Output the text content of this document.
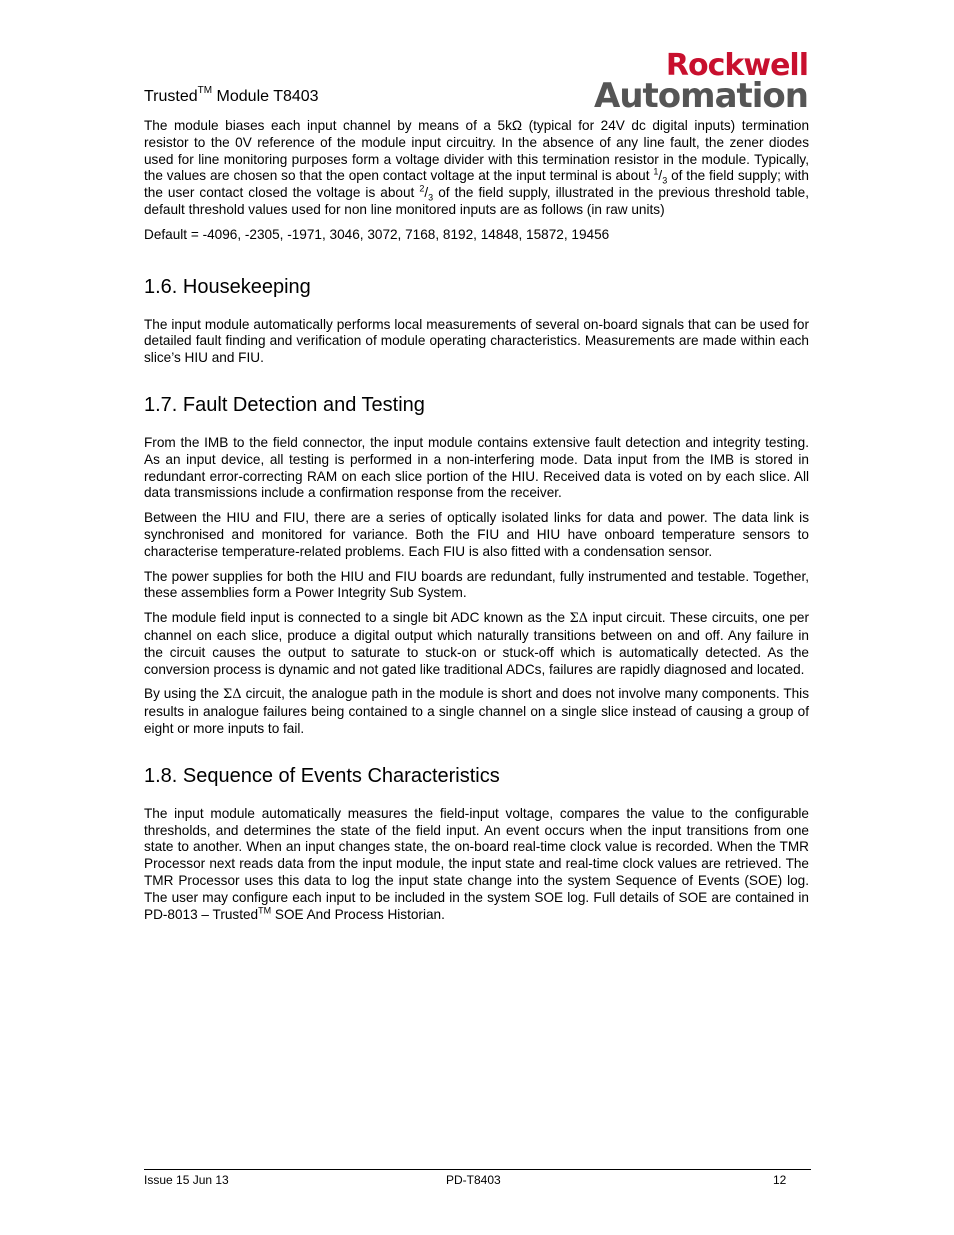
Rockwell
Automation
Trusted™ Module T8403

The module biases each input channel by means of a 5kΩ (typical for 24V dc digital inputs) termination resistor to the 0V reference of the module input circuitry. In the absence of any line fault, the zener diodes used for line monitoring purposes form a voltage divider with this termination resistor in the module. Typically, the values are chosen so that the open contact voltage at the input terminal is about $^1/_3$ of the field supply; with the user contact closed the voltage is about $^2/_3$ of the field supply, illustrated in the previous threshold table, default threshold values used for non line monitored inputs are as follows (in raw units)

Default = -4096, -2305, -1971, 3046, 3072, 7168, 8192, 14848, 15872, 19456

1.6. Housekeeping

The input module automatically performs local measurements of several on-board signals that can be used for detailed fault finding and verification of module operating characteristics. Measurements are made within each slice’s HIU and FIU.

1.7. Fault Detection and Testing

From the IMB to the field connector, the input module contains extensive fault detection and integrity testing. As an input device, all testing is performed in a non-interfering mode. Data input from the IMB is stored in redundant error-correcting RAM on each slice portion of the HIU. Received data is voted on by each slice. All data transmissions include a confirmation response from the receiver.

Between the HIU and FIU, there are a series of optically isolated links for data and power. The data link is synchronised and monitored for variance. Both the FIU and HIU have onboard temperature sensors to characterise temperature-related problems. Each FIU is also fitted with a condensation sensor.

The power supplies for both the HIU and FIU boards are redundant, fully instrumented and testable. Together, these assemblies form a Power Integrity Sub System.

The module field input is connected to a single bit ADC known as the ΣΔ input circuit. These circuits, one per channel on each slice, produce a digital output which naturally transitions between on and off. Any failure in the circuit causes the output to saturate to stuck-on or stuck-off which is automatically detected. As the conversion process is dynamic and not gated like traditional ADCs, failures are rapidly diagnosed and located.

By using the ΣΔ circuit, the analogue path in the module is short and does not involve many components. This results in analogue failures being contained to a single channel on a single slice instead of causing a group of eight or more inputs to fail.

1.8. Sequence of Events Characteristics

The input module automatically measures the field-input voltage, compares the value to the configurable thresholds, and determines the state of the field input. An event occurs when the input transitions from one state to another. When an input changes state, the on-board real-time clock value is recorded. When the TMR Processor next reads data from the input module, the input state and real-time clock values are retrieved. The TMR Processor uses this data to log the input state change into the system Sequence of Events (SOE) log. The user may configure each input to be included in the system SOE log. Full details of SOE are contained in PD-8013 – Trusted™ SOE And Process Historian.

Issue 15 Jun 13	PD-T8403	12
